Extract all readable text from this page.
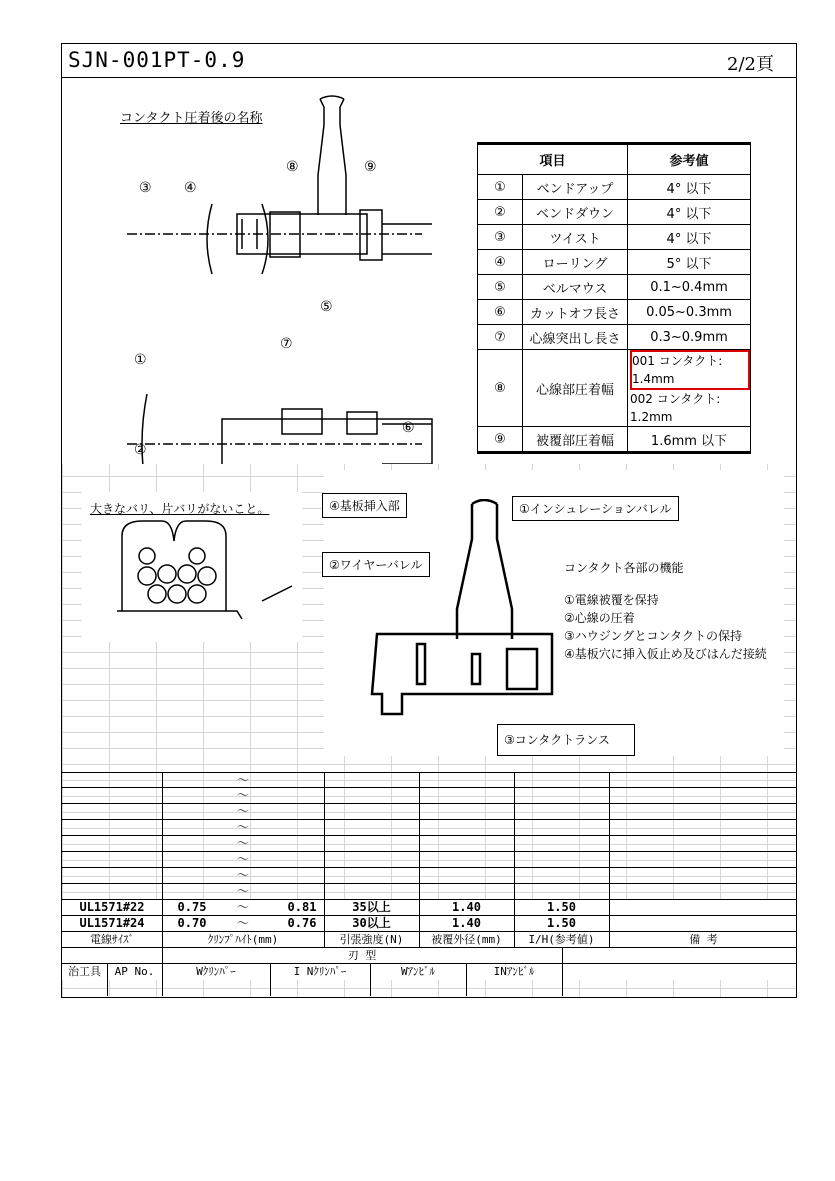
SJN-001PT-0.9	2/2頁
コンタクト圧着後の名称
⑧	⑨
③ ④
⑤
①
⑦
②
⑥
項目		参考値
①	ベンドアップ	4° 以下
②	ベンドダウン	4° 以下
③	ツイスト	4° 以下
④	ローリング	5° 以下
⑤	ベルマウス	0.1~0.4mm
⑥	カットオフ長さ	0.05~0.3mm
⑦	心線突出し長さ	0.3~0.9mm
⑧	心線部圧着幅	001 コンタクト: 1.4mm
002 コンタクト: 1.2mm

⑨	被覆部圧着幅	1.6mm 以下
大きなバリ、片バリがないこと。	④基板挿入部	①インシュレーションバレル
②ワイヤーバレル
③コンタクトランス
コンタクト各部の機能
①電線被覆を保持
②心線の圧着
③ハウジングとコンタクトの保持
④基板穴に挿入仮止め及びはんだ接続
～
～
～
～
～
～
～
～
UL1571#22	0.75	～	0.81	35以上	1.40	1.50
UL1571#24	0.70	～	0.76	30以上	1.40	1.50
電線ｻｲｽﾞ	ｸﾘﾝﾌﾟﾊｲﾄ(mm)	引張強度(N)	被覆外径(mm)	I/H(参考値)	備 考
刃 型
治工具	AP No.	Wｸﾘﾝﾊﾟｰ	I Nｸﾘﾝﾊﾟｰ	Wｱﾝﾋﾞﾙ	INｱﾝﾋﾞﾙ
